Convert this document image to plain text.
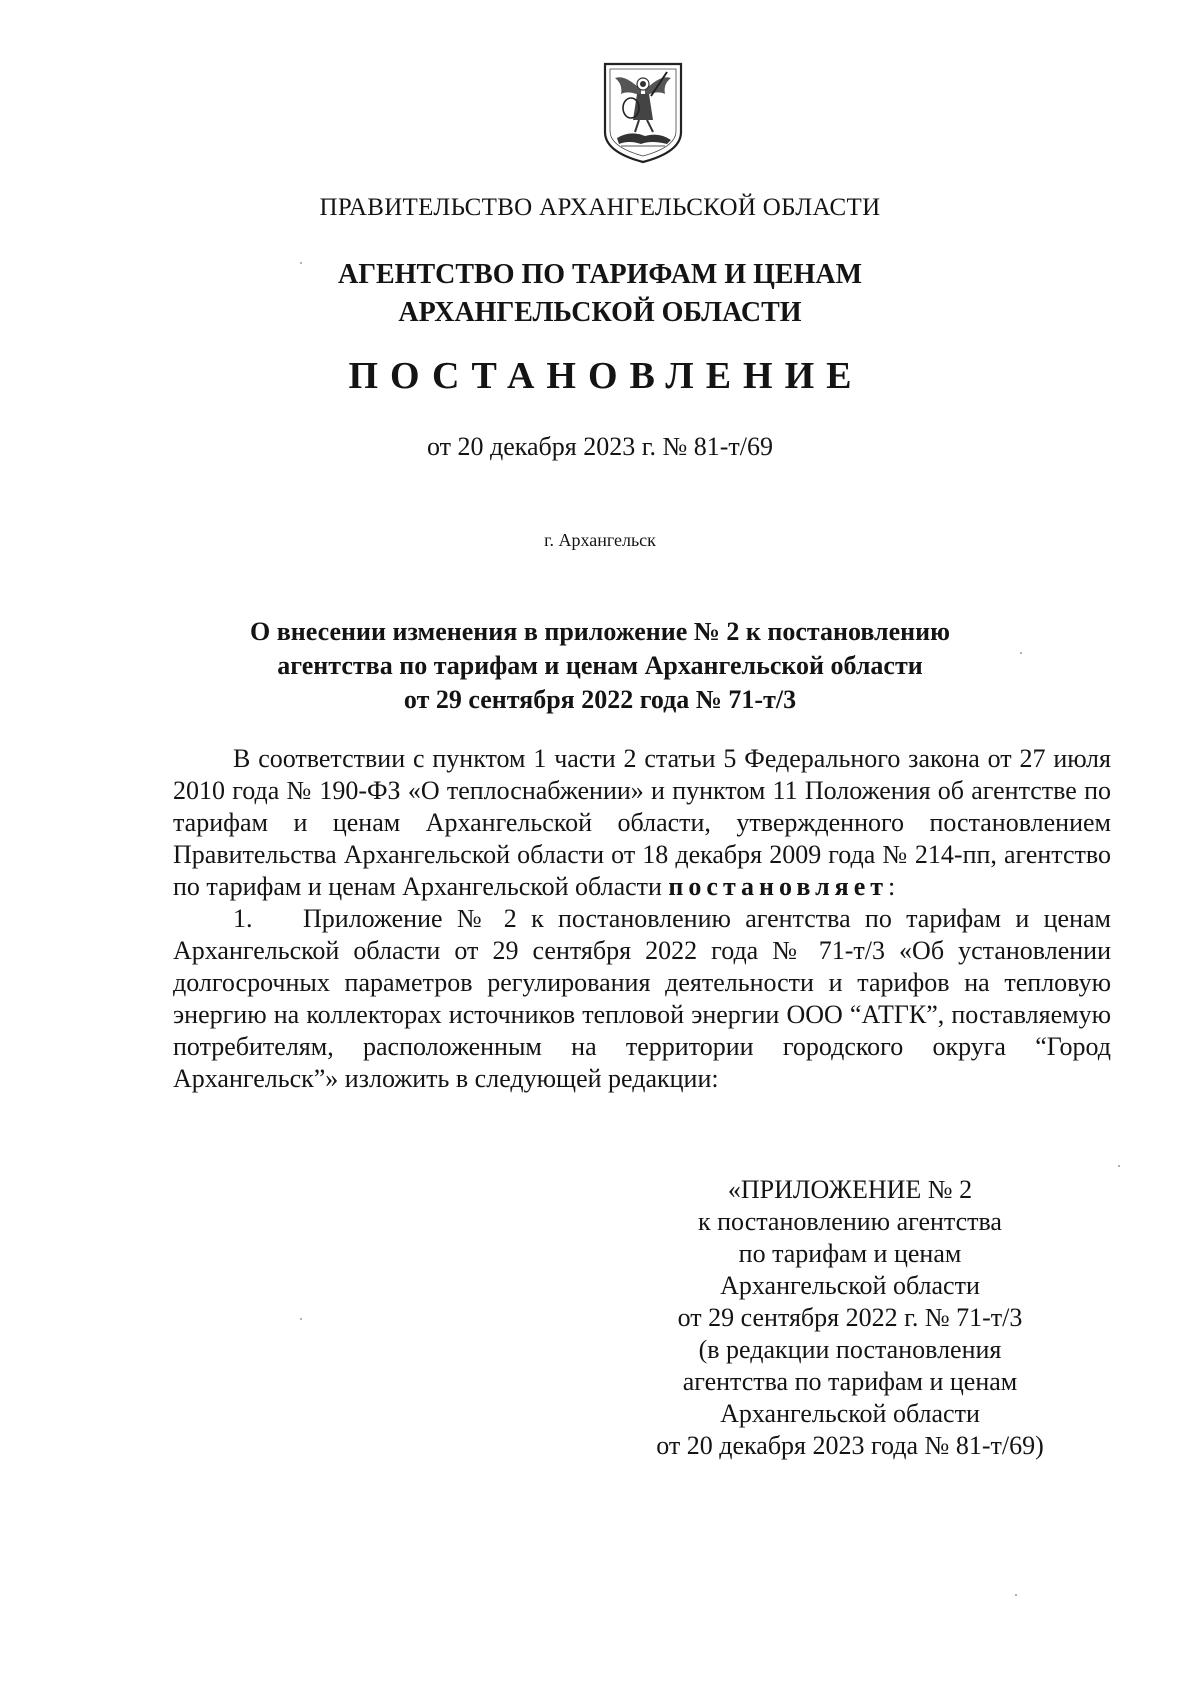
ПРАВИТЕЛЬСТВО АРХАНГЕЛЬСКОЙ ОБЛАСТИ
АГЕНТСТВО ПО ТАРИФАМ И ЦЕНАМ
АРХАНГЕЛЬСКОЙ ОБЛАСТИ
ПОСТАНОВЛЕНИЕ
от 20 декабря 2023 г. № 81-т/69
г. Архангельск
О внесении изменения в приложение № 2 к постановлению
агентства по тарифам и ценам Архангельской области
от 29 сентября 2022 года № 71-т/3

В соответствии с пунктом 1 части 2 статьи 5 Федерального закона от 27 июля 2010 года № 190-ФЗ «О теплоснабжении» и пунктом 11 Положения об агентстве по тарифам и ценам Архангельской области, утвержденного постановлением Правительства Архангельской области от 18 декабря 2009 года № 214-пп, агентство по тарифам и ценам Архангельской области постановляет:

1. Приложение № 2 к постановлению агентства по тарифам и ценам Архангельской области от 29 сентября 2022 года № 71-т/3 «Об установлении долгосрочных параметров регулирования деятельности и тарифов на тепловую энергию на коллекторах источников тепловой энергии ООО “АТГК”, поставляемую потребителям, расположенным на территории городского округа “Город Архангельск”» изложить в следующей редакции:

«ПРИЛОЖЕНИЕ № 2
к постановлению агентства
по тарифам и ценам
Архангельской области
от 29 сентября 2022 г. № 71-т/3
(в редакции постановления
агентства по тарифам и ценам
Архангельской области
от 20 декабря 2023 года № 81-т/69)
